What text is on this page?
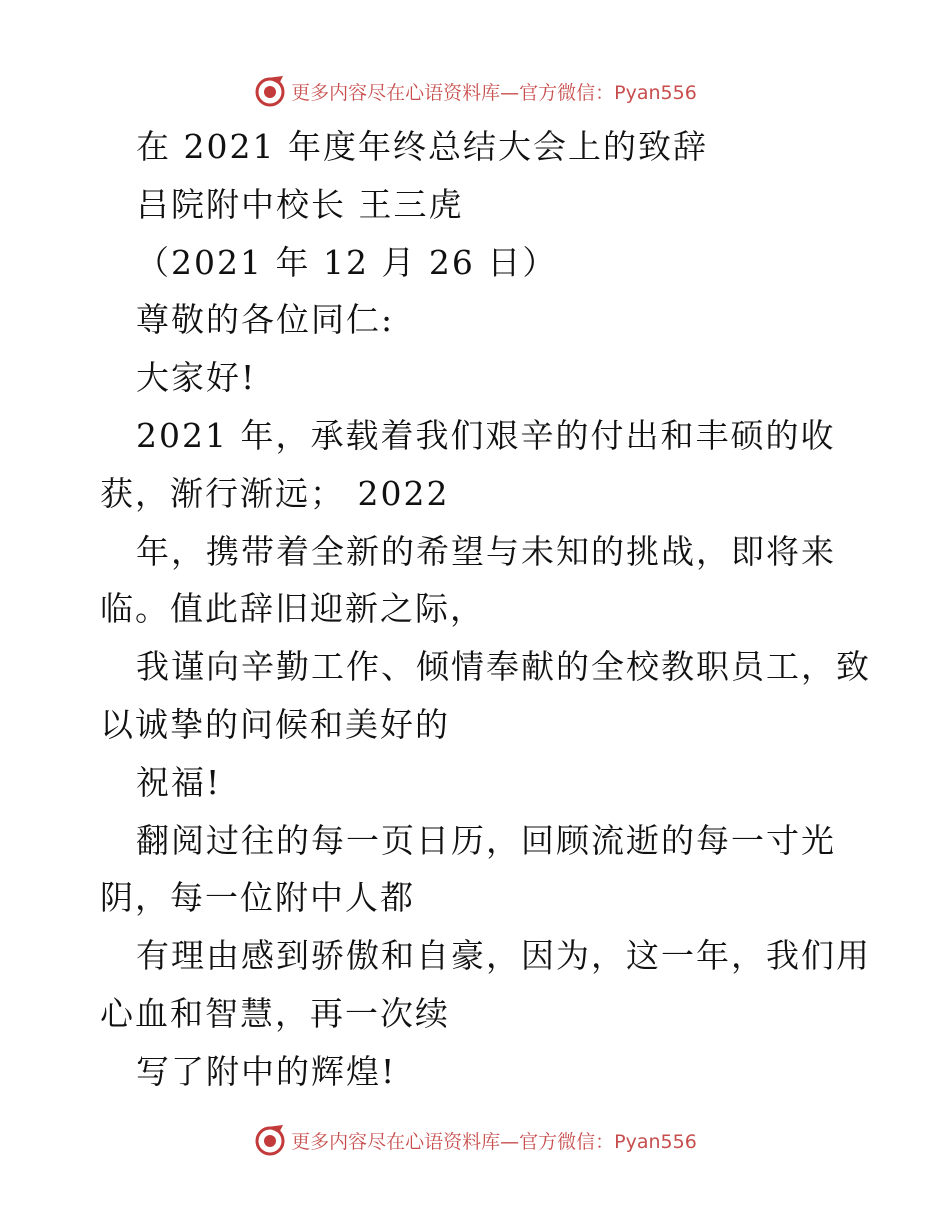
更多内容尽在心语资料库—官方微信：Pyan556
在 2021 年度年终总结大会上的致辞
吕院附中校长 王三虎
（2021 年 12 月 26 日）
尊敬的各位同仁:
大家好!
2021 年，承载着我们艰辛的付出和丰硕的收
获，渐行渐远； 2022
年，携带着全新的希望与未知的挑战，即将来
临。值此辞旧迎新之际，
我谨向辛勤工作、倾情奉献的全校教职员工，致
以诚挚的问候和美好的
祝福!
翻阅过往的每一页日历，回顾流逝的每一寸光
阴，每一位附中人都
有理由感到骄傲和自豪，因为，这一年，我们用
心血和智慧，再一次续
写了附中的辉煌!
更多内容尽在心语资料库—官方微信：Pyan556
